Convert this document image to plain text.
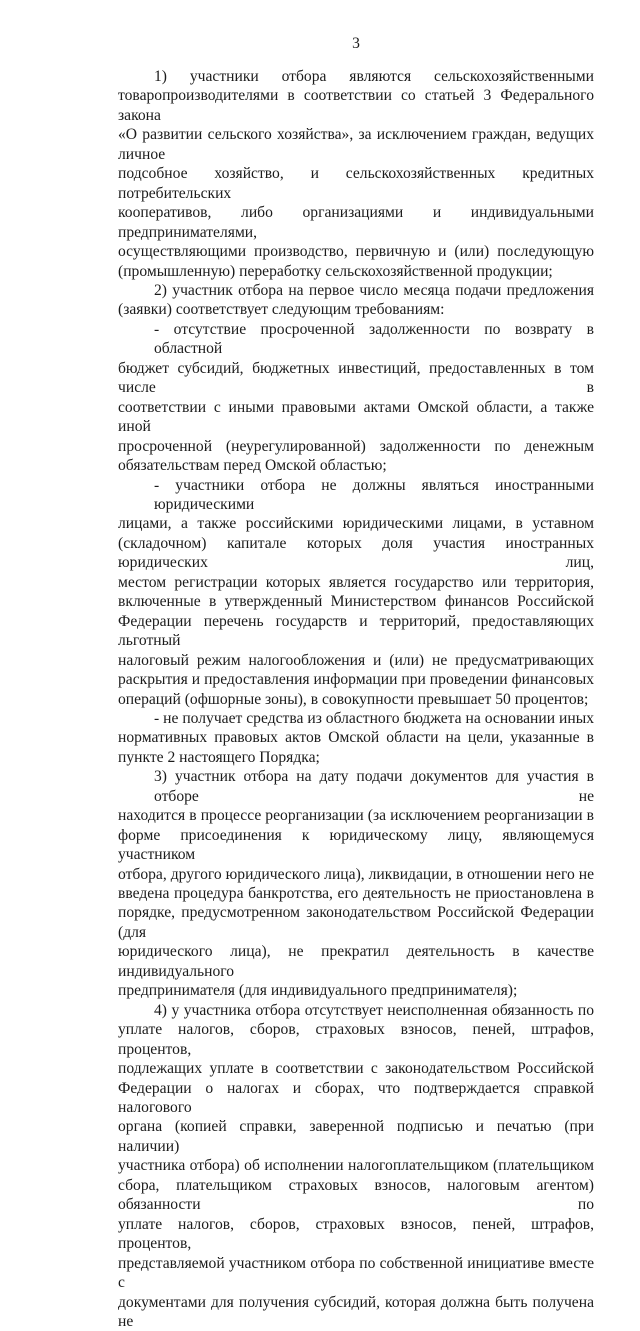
3
1) участники отбора являются сельскохозяйственными
товаропроизводителями в соответствии со статьей 3 Федерального закона
«О развитии сельского хозяйства», за исключением граждан, ведущих личное
подсобное хозяйство, и сельскохозяйственных кредитных потребительских
кооперативов, либо организациями и индивидуальными предпринимателями,
осуществляющими производство, первичную и (или) последующую
(промышленную) переработку сельскохозяйственной продукции;
2) участник отбора на первое число месяца подачи предложения
(заявки) соответствует следующим требованиям:
- отсутствие просроченной задолженности по возврату в областной
бюджет субсидий, бюджетных инвестиций, предоставленных в том числе в
соответствии с иными правовыми актами Омской области, а также иной
просроченной (неурегулированной) задолженности по денежным
обязательствам перед Омской областью;
- участники отбора не должны являться иностранными юридическими
лицами, а также российскими юридическими лицами, в уставном
(складочном) капитале которых доля участия иностранных юридических лиц,
местом регистрации которых является государство или территория,
включенные в утвержденный Министерством финансов Российской
Федерации перечень государств и территорий, предоставляющих льготный
налоговый режим налогообложения и (или) не предусматривающих
раскрытия и предоставления информации при проведении финансовых
операций (офшорные зоны), в совокупности превышает 50 процентов;
- не получает средства из областного бюджета на основании иных
нормативных правовых актов Омской области на цели, указанные в
пункте 2 настоящего Порядка;
3) участник отбора на дату подачи документов для участия в отборе не
находится в процессе реорганизации (за исключением реорганизации в
форме присоединения к юридическому лицу, являющемуся участником
отбора, другого юридического лица), ликвидации, в отношении него не
введена процедура банкротства, его деятельность не приостановлена в
порядке, предусмотренном законодательством Российской Федерации (для
юридического лица), не прекратил деятельность в качестве индивидуального
предпринимателя (для индивидуального предпринимателя);
4) у участника отбора отсутствует неисполненная обязанность по
уплате налогов, сборов, страховых взносов, пеней, штрафов, процентов,
подлежащих уплате в соответствии с законодательством Российской
Федерации о налогах и сборах, что подтверждается справкой налогового
органа (копией справки, заверенной подписью и печатью (при наличии)
участника отбора) об исполнении налогоплательщиком (плательщиком
сбора, плательщиком страховых взносов, налоговым агентом) обязанности по
уплате налогов, сборов, страховых взносов, пеней, штрафов, процентов,
представляемой участником отбора по собственной инициативе вместе с
документами для получения субсидий, которая должна быть получена не
